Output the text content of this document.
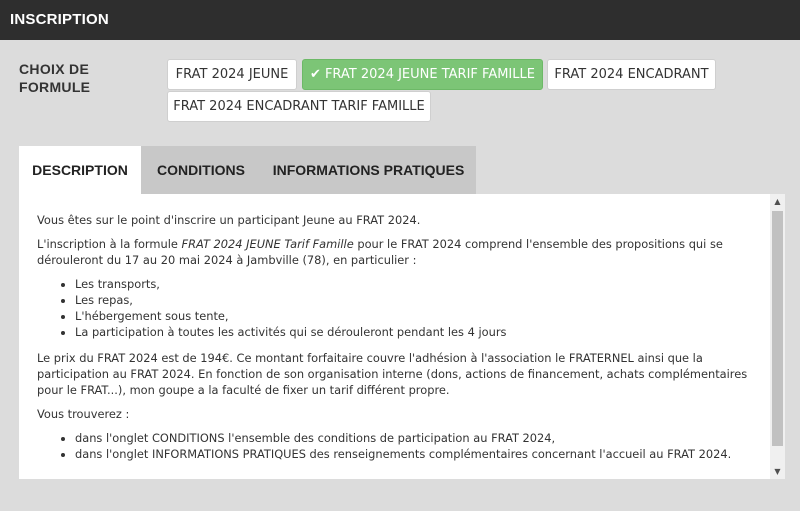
INSCRIPTION
CHOIX DE FORMULE
FRAT 2024 JEUNE	✔ FRAT 2024 JEUNE TARIF FAMILLE	FRAT 2024 ENCADRANT
FRAT 2024 ENCADRANT TARIF FAMILLE
DESCRIPTION	CONDITIONS	INFORMATIONS PRATIQUES

Vous êtes sur le point d'inscrire un participant Jeune au FRAT 2024.

L'inscription à la formule FRAT 2024 JEUNE Tarif Famille pour le FRAT 2024 comprend l'ensemble des propositions qui se dérouleront du 17 au 20 mai 2024 à Jambville (78), en particulier :

• Les transports,
• Les repas,
• L'hébergement sous tente,
• La participation à toutes les activités qui se dérouleront pendant les 4 jours

Le prix du FRAT 2024 est de 194€. Ce montant forfaitaire couvre l'adhésion à l'association le FRATERNEL ainsi que la participation au FRAT 2024. En fonction de son organisation interne (dons, actions de financement, achats complémentaires pour le FRAT...), mon goupe a la faculté de fixer un tarif différent propre.

Vous trouverez :

• dans l'onglet CONDITIONS l'ensemble des conditions de participation au FRAT 2024,
• dans l'onglet INFORMATIONS PRATIQUES des renseignements complémentaires concernant l'accueil au FRAT 2024.
▲
▼
